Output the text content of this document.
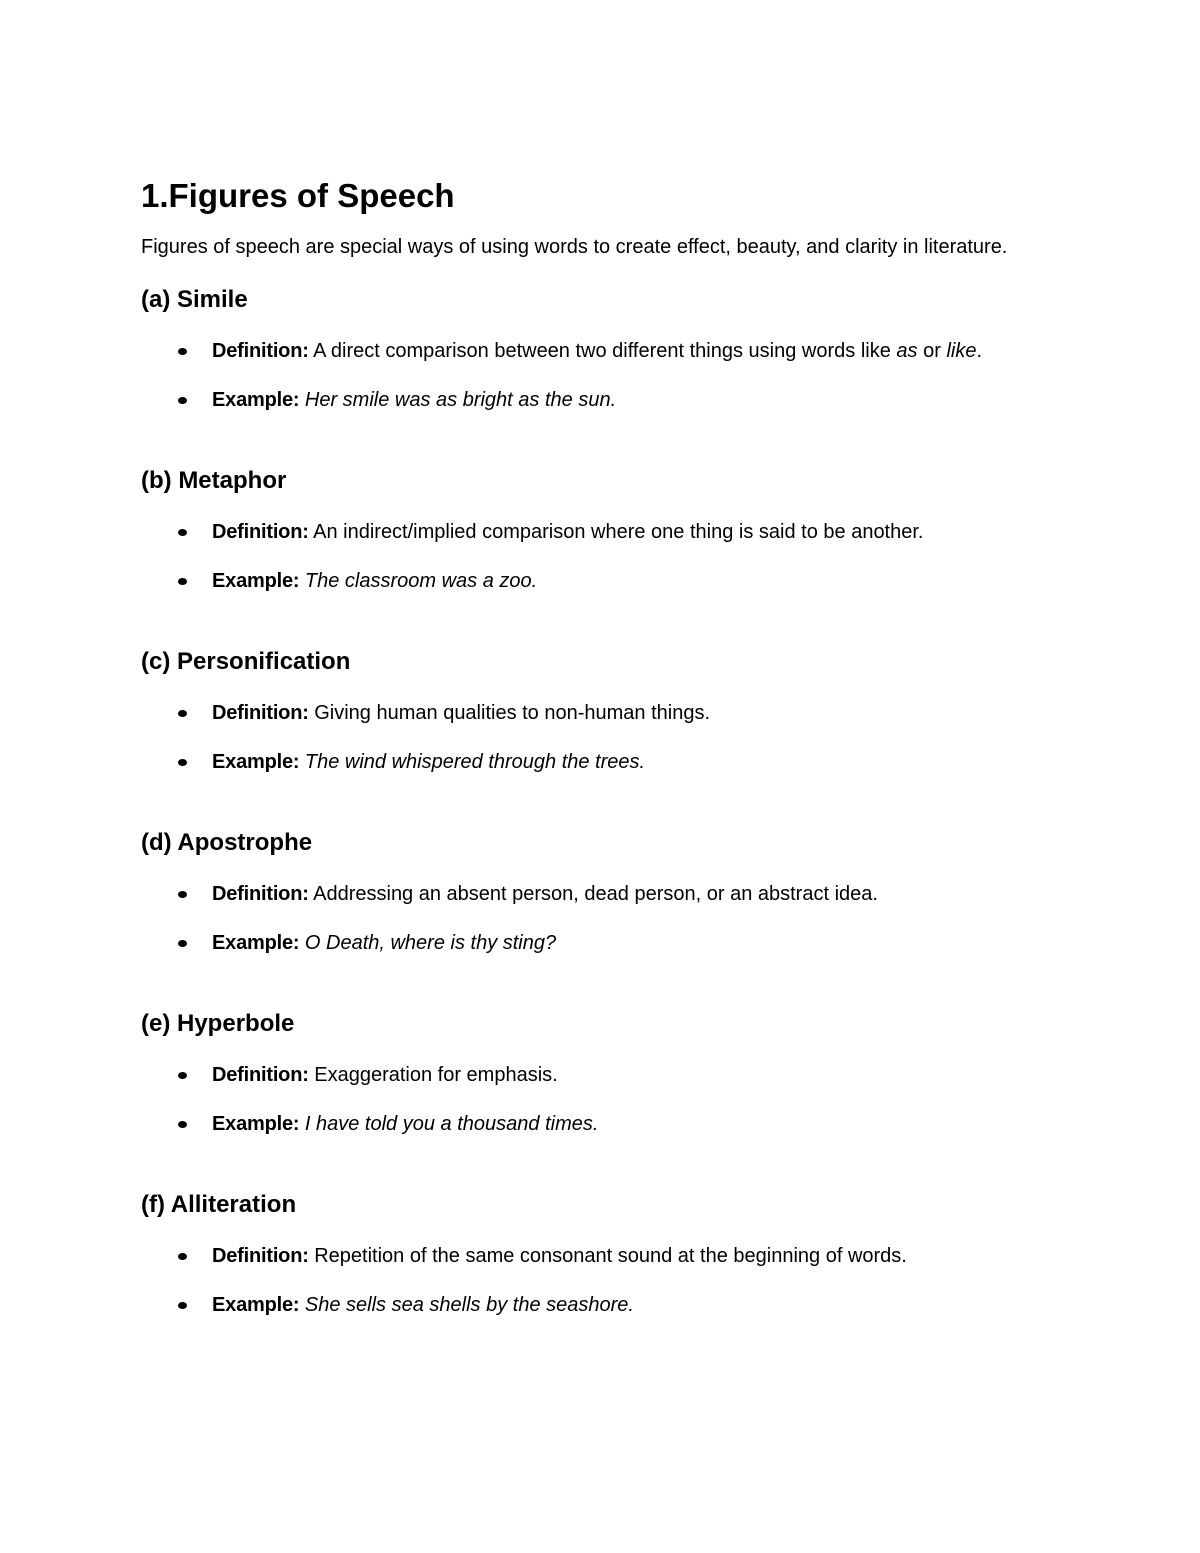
1.Figures of Speech

Figures of speech are special ways of using words to create effect, beauty, and clarity in literature.

(a) Simile
Definition: A direct comparison between two different things using words like as or like.
Example: Her smile was as bright as the sun.
(b) Metaphor
Definition: An indirect/implied comparison where one thing is said to be another.
Example: The classroom was a zoo.
(c) Personification
Definition: Giving human qualities to non-human things.
Example: The wind whispered through the trees.
(d) Apostrophe
Definition: Addressing an absent person, dead person, or an abstract idea.
Example: O Death, where is thy sting?
(e) Hyperbole
Definition: Exaggeration for emphasis.
Example: I have told you a thousand times.
(f) Alliteration
Definition: Repetition of the same consonant sound at the beginning of words.
Example: She sells sea shells by the seashore.
